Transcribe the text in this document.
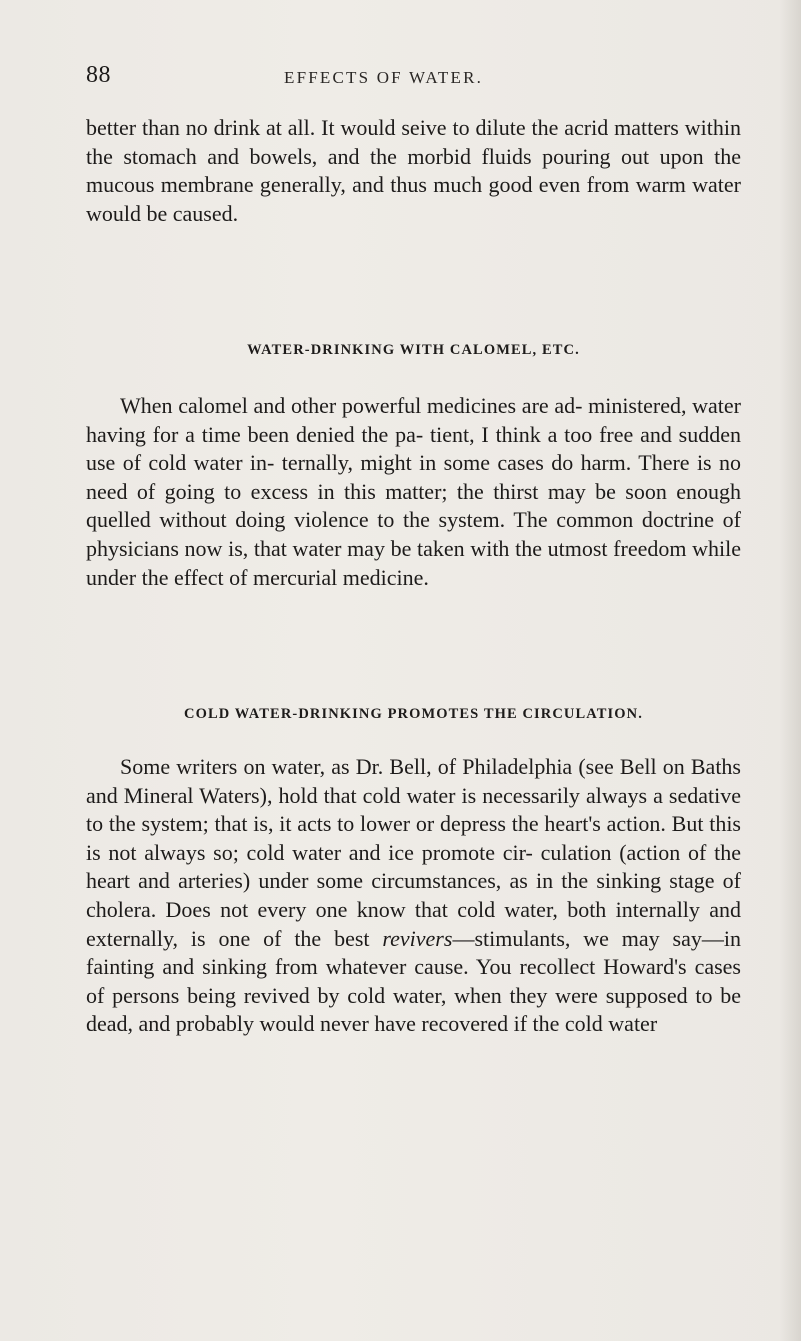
88	EFFECTS OF WATER.

better than no drink at all. It would seive to dilute the acrid matters within the stomach and bowels, and the morbid fluids pouring out upon the mucous membrane generally, and thus much good even from warm water would be caused.

WATER-DRINKING WITH CALOMEL, ETC.

When calomel and other powerful medicines are ad- ministered, water having for a time been denied the pa- tient, I think a too free and sudden use of cold water in- ternally, might in some cases do harm. There is no need of going to excess in this matter; the thirst may be soon enough quelled without doing violence to the system. The common doctrine of physicians now is, that water may be taken with the utmost freedom while under the effect of mercurial medicine.

COLD WATER-DRINKING PROMOTES THE CIRCULATION.

Some writers on water, as Dr. Bell, of Philadelphia (see Bell on Baths and Mineral Waters), hold that cold water is necessarily always a sedative to the system; that is, it acts to lower or depress the heart's action. But this is not always so; cold water and ice promote cir- culation (action of the heart and arteries) under some circumstances, as in the sinking stage of cholera. Does not every one know that cold water, both internally and externally, is one of the best revivers—stimulants, we may say—in fainting and sinking from whatever cause. You recollect Howard's cases of persons being revived by cold water, when they were supposed to be dead, and probably would never have recovered if the cold water
